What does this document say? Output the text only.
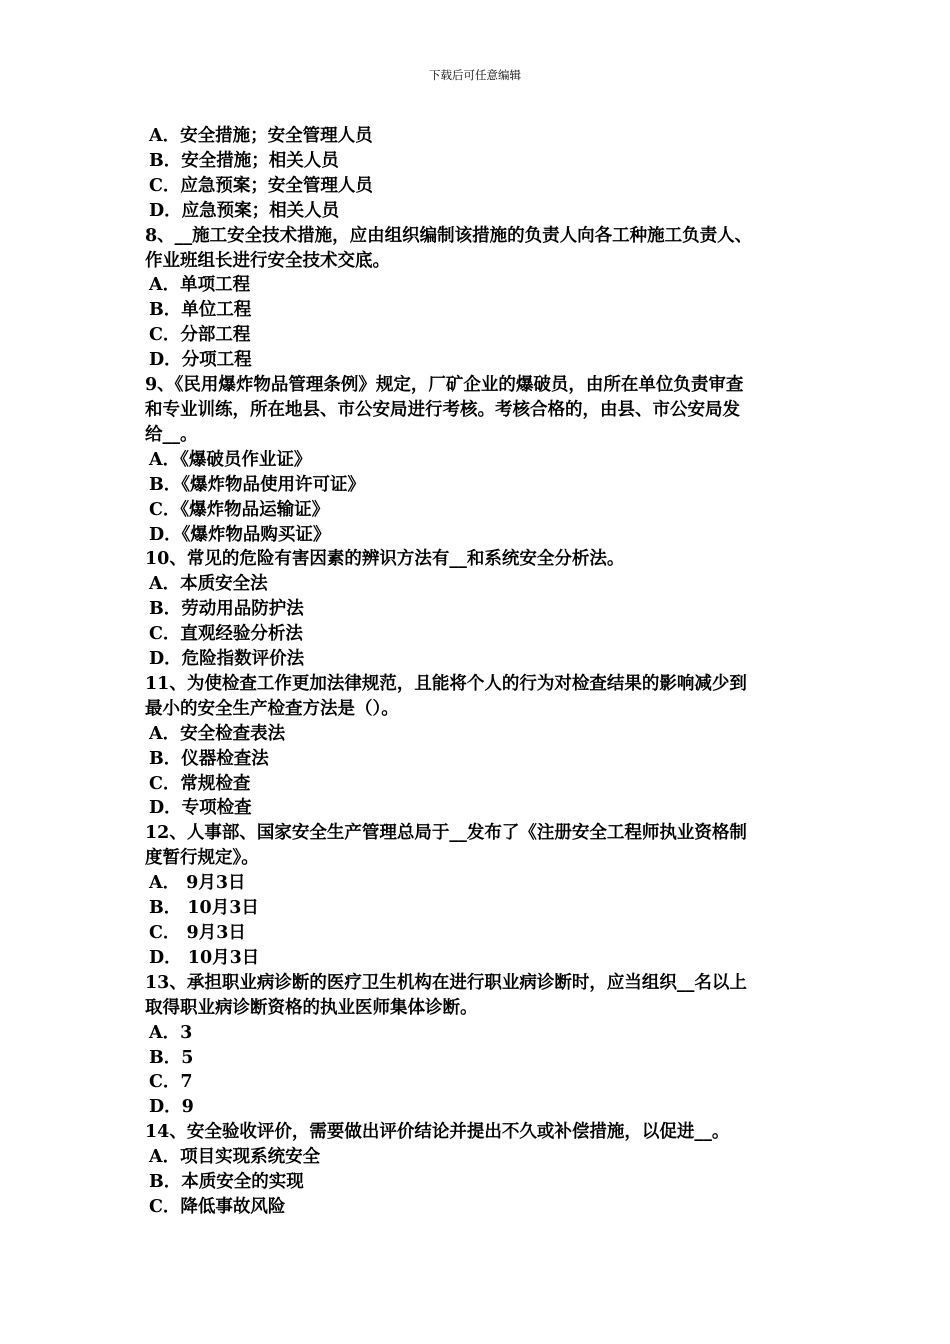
下载后可任意编辑
A．安全措施；安全管理人员
B．安全措施；相关人员
C．应急预案；安全管理人员
D．应急预案；相关人员
8、__施工安全技术措施，应由组织编制该措施的负责人向各工种施工负责人、
作业班组长进行安全技术交底。
A．单项工程
B．单位工程
C．分部工程
D．分项工程
9、《民用爆炸物品管理条例》规定，厂矿企业的爆破员，由所在单位负责审查
和专业训练，所在地县、市公安局进行考核。考核合格的，由县、市公安局发
给__。
A．《爆破员作业证》
B．《爆炸物品使用许可证》
C．《爆炸物品运输证》
D．《爆炸物品购买证》
10、常见的危险有害因素的辨识方法有__和系统安全分析法。
A．本质安全法
B．劳动用品防护法
C．直观经验分析法
D．危险指数评价法
11、为使检查工作更加法律规范，且能将个人的行为对检查结果的影响减少到
最小的安全生产检查方法是（）。
A．安全检查表法
B．仪器检查法
C．常规检查
D．专项检查
12、人事部、国家安全生产管理总局于__发布了《注册安全工程师执业资格制
度暂行规定》。
A． 9月3日
B． 10月3日
C． 9月3日
D． 10月3日
13、承担职业病诊断的医疗卫生机构在进行职业病诊断时，应当组织__名以上
取得职业病诊断资格的执业医师集体诊断。
A．3
B．5
C．7
D．9
14、安全验收评价，需要做出评价结论并提出不久或补偿措施，以促进__。
A．项目实现系统安全
B．本质安全的实现
C．降低事故风险
